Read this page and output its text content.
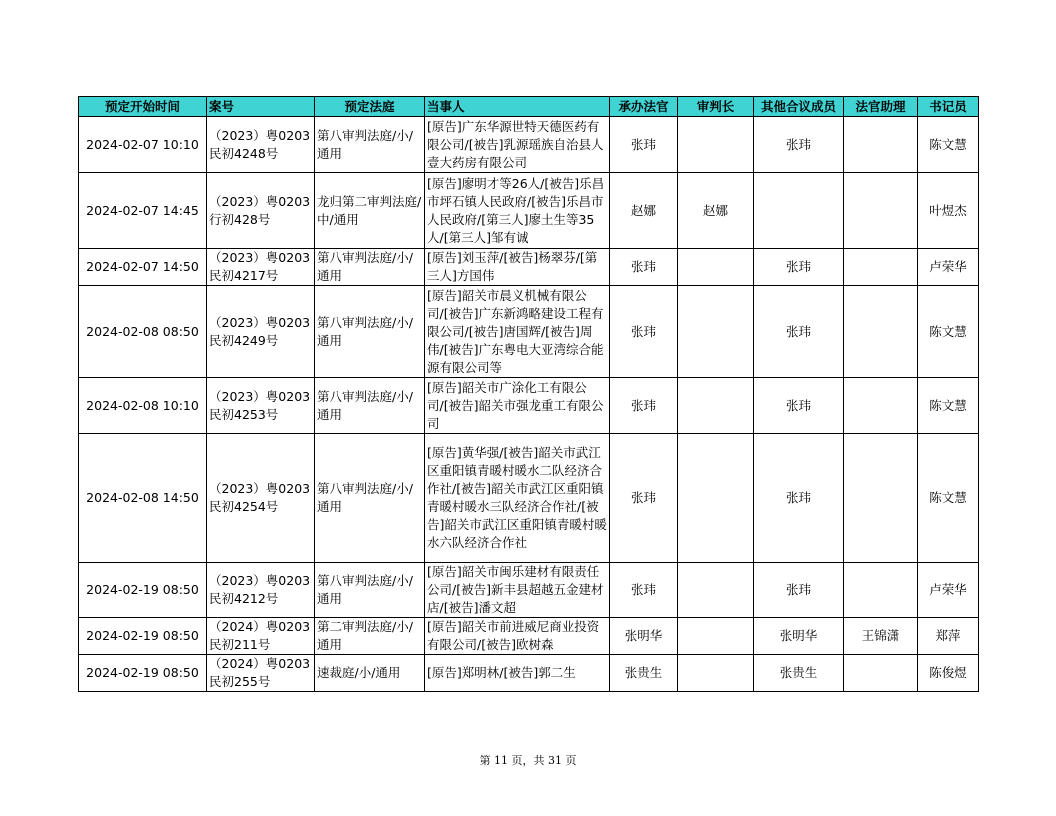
预定开始时间	案号	预定法庭	当事人	承办法官	审判长	其他合议成员	法官助理	书记员
2024-02-07 10:10	（2023）粤0203民初4248号	第八审判法庭/小/通用	[原告]广东华源世特天德医药有限公司/[被告]乳源瑶族自治县人壹大药房有限公司	张玮		张玮		陈文慧
2024-02-07 14:45	（2023）粤0203行初428号	龙归第二审判法庭/中/通用	[原告]廖明才等26人/[被告]乐昌市坪石镇人民政府/[被告]乐昌市人民政府/[第三人]廖土生等35人/[第三人]邹有诚	赵娜	赵娜			叶煜杰
2024-02-07 14:50	（2023）粤0203民初4217号	第八审判法庭/小/通用	[原告]刘玉萍/[被告]杨翠芬/[第三人]方国伟	张玮		张玮		卢荣华
2024-02-08 08:50	（2023）粤0203民初4249号	第八审判法庭/小/通用	[原告]韶关市晨义机械有限公司/[被告]广东新鸿略建设工程有限公司/[被告]唐国辉/[被告]周伟/[被告]广东粤电大亚湾综合能源有限公司等	张玮		张玮		陈文慧
2024-02-08 10:10	（2023）粤0203民初4253号	第八审判法庭/小/通用	[原告]韶关市广涂化工有限公司/[被告]韶关市强龙重工有限公司	张玮		张玮		陈文慧
2024-02-08 14:50	（2023）粤0203民初4254号	第八审判法庭/小/通用	[原告]黄华强/[被告]韶关市武江区重阳镇青暖村暖水二队经济合作社/[被告]韶关市武江区重阳镇青暖村暖水三队经济合作社/[被告]韶关市武江区重阳镇青暖村暖水六队经济合作社	张玮		张玮		陈文慧
2024-02-19 08:50	（2023）粤0203民初4212号	第八审判法庭/小/通用	[原告]韶关市闽乐建材有限责任公司/[被告]新丰县超越五金建材店/[被告]潘文超	张玮		张玮		卢荣华
2024-02-19 08:50	（2024）粤0203民初211号	第二审判法庭/小/通用	[原告]韶关市前进威尼商业投资有限公司/[被告]欧树森	张明华		张明华	王锦潇	郑萍
2024-02-19 08:50	（2024）粤0203民初255号	速裁庭/小/通用	[原告]郑明林/[被告]郭二生	张贵生		张贵生		陈俊煜
第 11 页，共 31 页
